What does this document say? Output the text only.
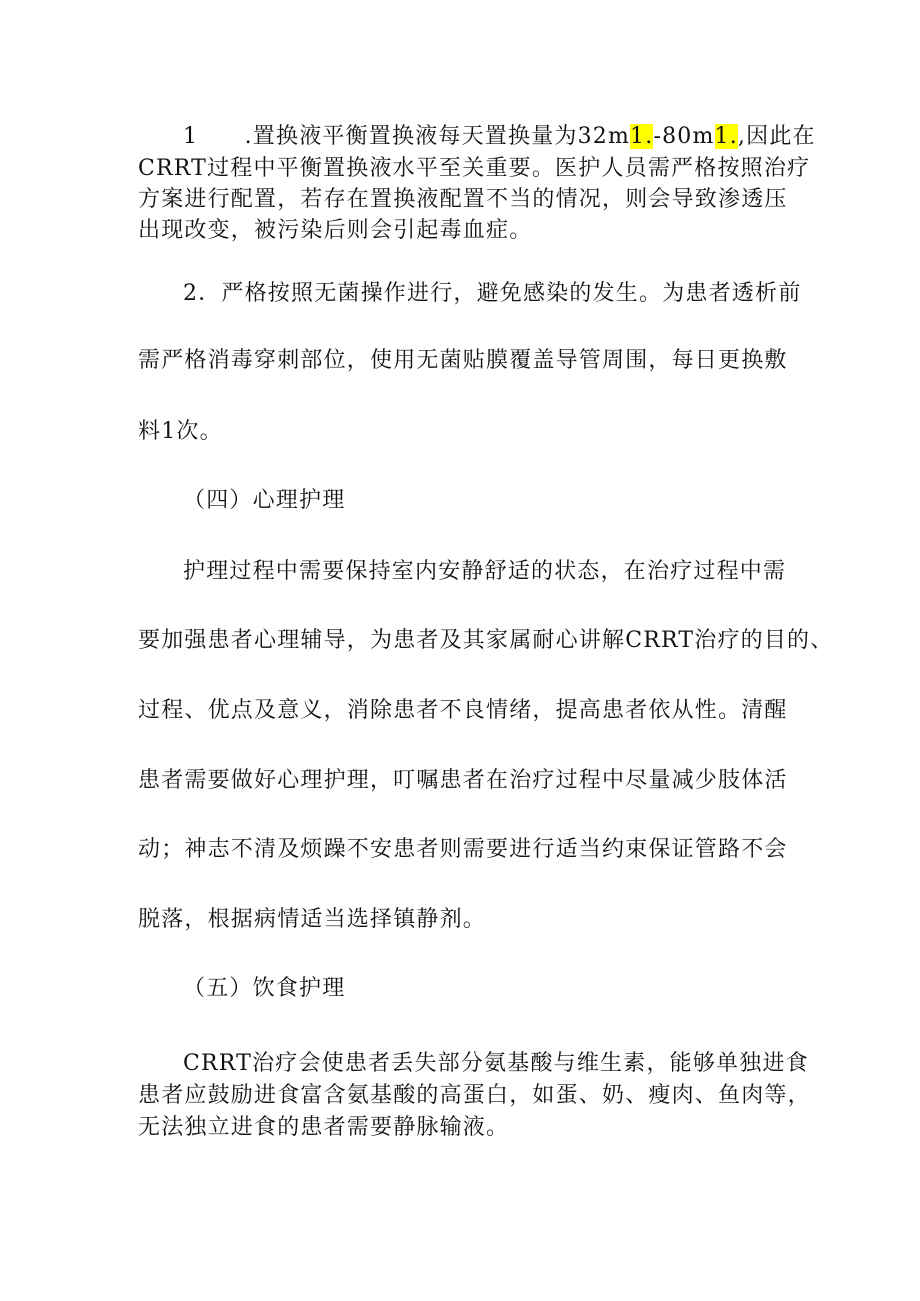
1　　.置换液平衡置换液每天置换量为32m1.-80m1.,因此在
CRRT过程中平衡置换液水平至关重要。医护人员需严格按照治疗
方案进行配置，若存在置换液配置不当的情况，则会导致渗透压
出现改变，被污染后则会引起毒血症。
2．严格按照无菌操作进行，避免感染的发生。为患者透析前
需严格消毒穿刺部位，使用无菌贴膜覆盖导管周围，每日更换敷
料1次。
（四）心理护理
护理过程中需要保持室内安静舒适的状态，在治疗过程中需
要加强患者心理辅导，为患者及其家属耐心讲解CRRT治疗的目的、
过程、优点及意义，消除患者不良情绪，提高患者依从性。清醒
患者需要做好心理护理，叮嘱患者在治疗过程中尽量减少肢体活
动；神志不清及烦躁不安患者则需要进行适当约束保证管路不会
脱落，根据病情适当选择镇静剂。
（五）饮食护理
CRRT治疗会使患者丢失部分氨基酸与维生素，能够单独进食
患者应鼓励进食富含氨基酸的高蛋白，如蛋、奶、瘦肉、鱼肉等，
无法独立进食的患者需要静脉输液。
